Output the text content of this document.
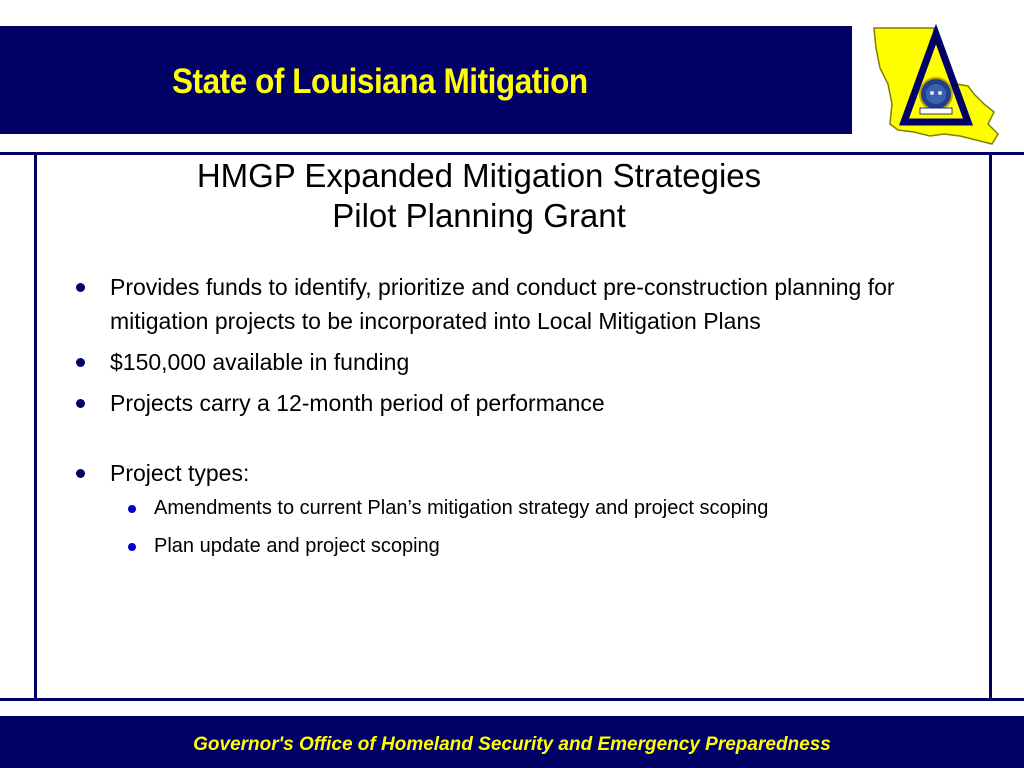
State of Louisiana Mitigation
HMGP Expanded Mitigation Strategies
Pilot Planning Grant
Provides funds to identify, prioritize and conduct pre-construction planning for mitigation projects to be incorporated into Local Mitigation Plans
$150,000 available in funding
Projects carry a 12-month period of performance
Project types:
Amendments to current Plan’s mitigation strategy and project scoping
Plan update and project scoping
Governor's Office of Homeland Security and Emergency Preparedness
